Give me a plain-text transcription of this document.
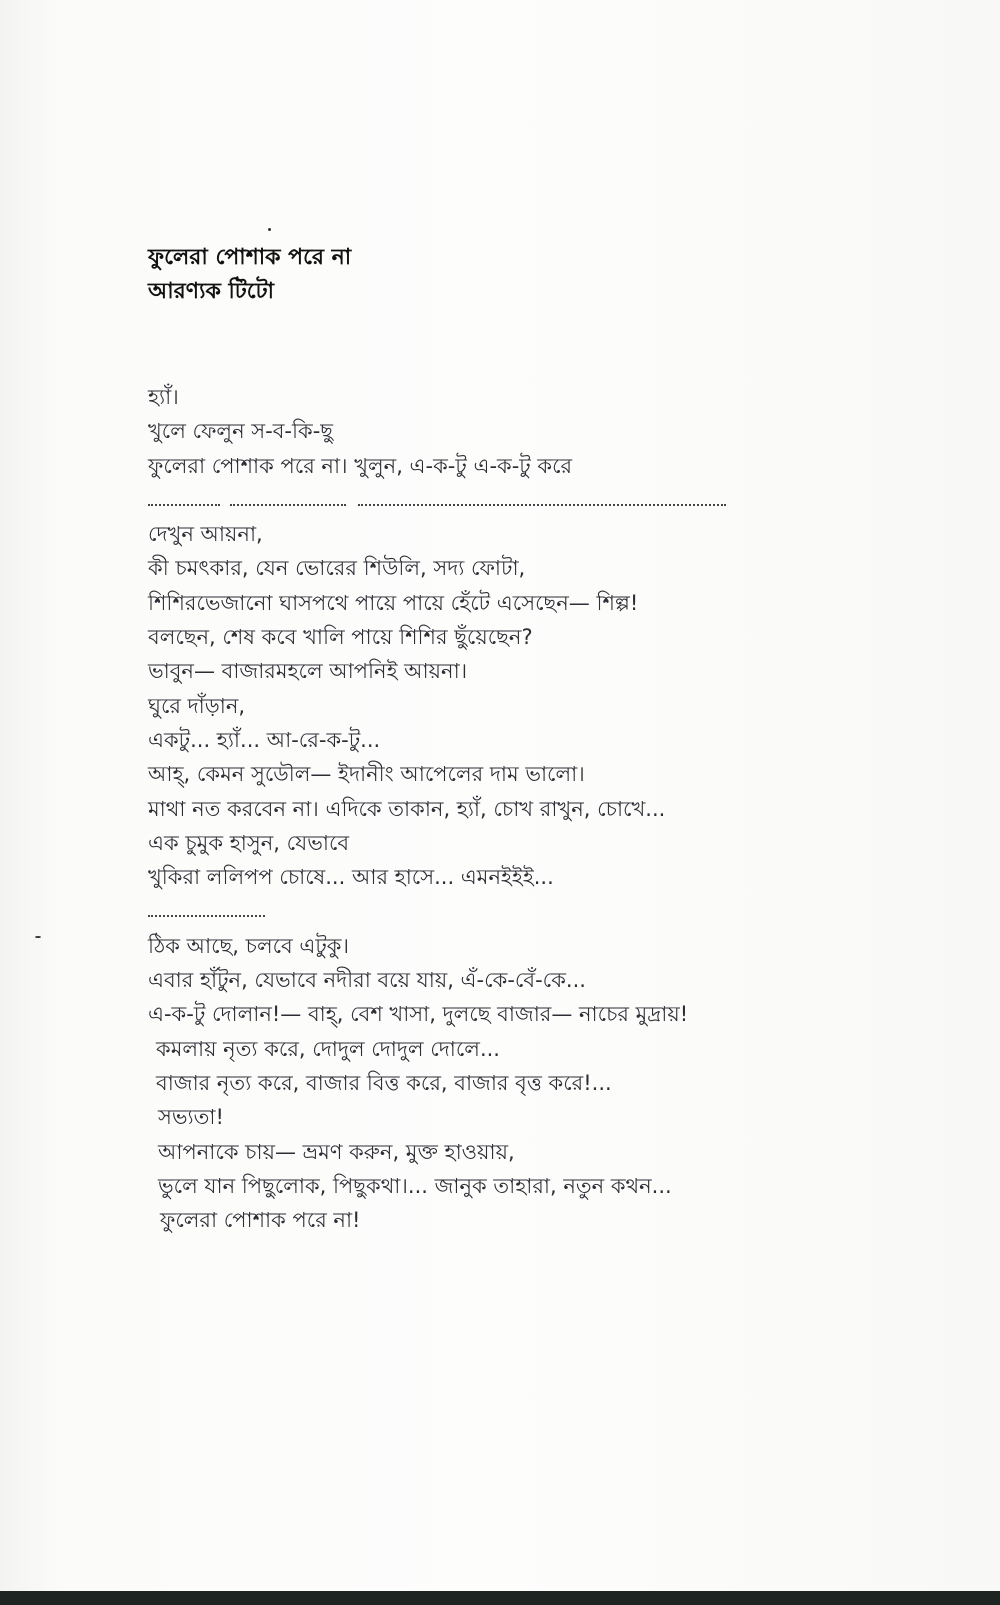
ফুলেরা পোশাক পরে না
আরণ্যক টিটো
হ্যাঁ।
খুলে ফেলুন স-ব-কি-ছু
ফুলেরা পোশাক পরে না। খুলুন, এ-ক-টু এ-ক-টু করে
দেখুন আয়না,
কী চমৎকার, যেন ভোরের শিউলি, সদ্য ফোটা,
শিশিরভেজানো ঘাসপথে পায়ে পায়ে হেঁটে এসেছেন— শিল্প!
বলছেন, শেষ কবে খালি পায়ে শিশির ছুঁয়েছেন?
ভাবুন— বাজারমহলে আপনিই আয়না।
ঘুরে দাঁড়ান,
একটু... হ্যাঁ... আ-রে-ক-টু...
আহ্, কেমন সুডৌল— ইদানীং আপেলের দাম ভালো।
মাথা নত করবেন না। এদিকে তাকান, হ্যাঁ, চোখ রাখুন, চোখে...
এক চুমুক হাসুন, যেভাবে
খুকিরা ললিপপ চোষে... আর হাসে... এমনইইই...
ঠিক আছে, চলবে এটুকু।
এবার হাঁটুন, যেভাবে নদীরা বয়ে যায়, এঁ-কে-বেঁ-কে...
এ-ক-টু দোলান!— বাহ্, বেশ খাসা, দুলছে বাজার— নাচের মুদ্রায়!
কমলায় নৃত্য করে, দোদুল দোদুল দোলে...
বাজার নৃত্য করে, বাজার বিত্ত করে, বাজার বৃত্ত করে!...
সভ্যতা!
আপনাকে চায়— ভ্রমণ করুন, মুক্ত হাওয়ায়,
ভুলে যান পিছুলোক, পিছুকথা।... জানুক তাহারা, নতুন কথন...
ফুলেরা পোশাক পরে না!
